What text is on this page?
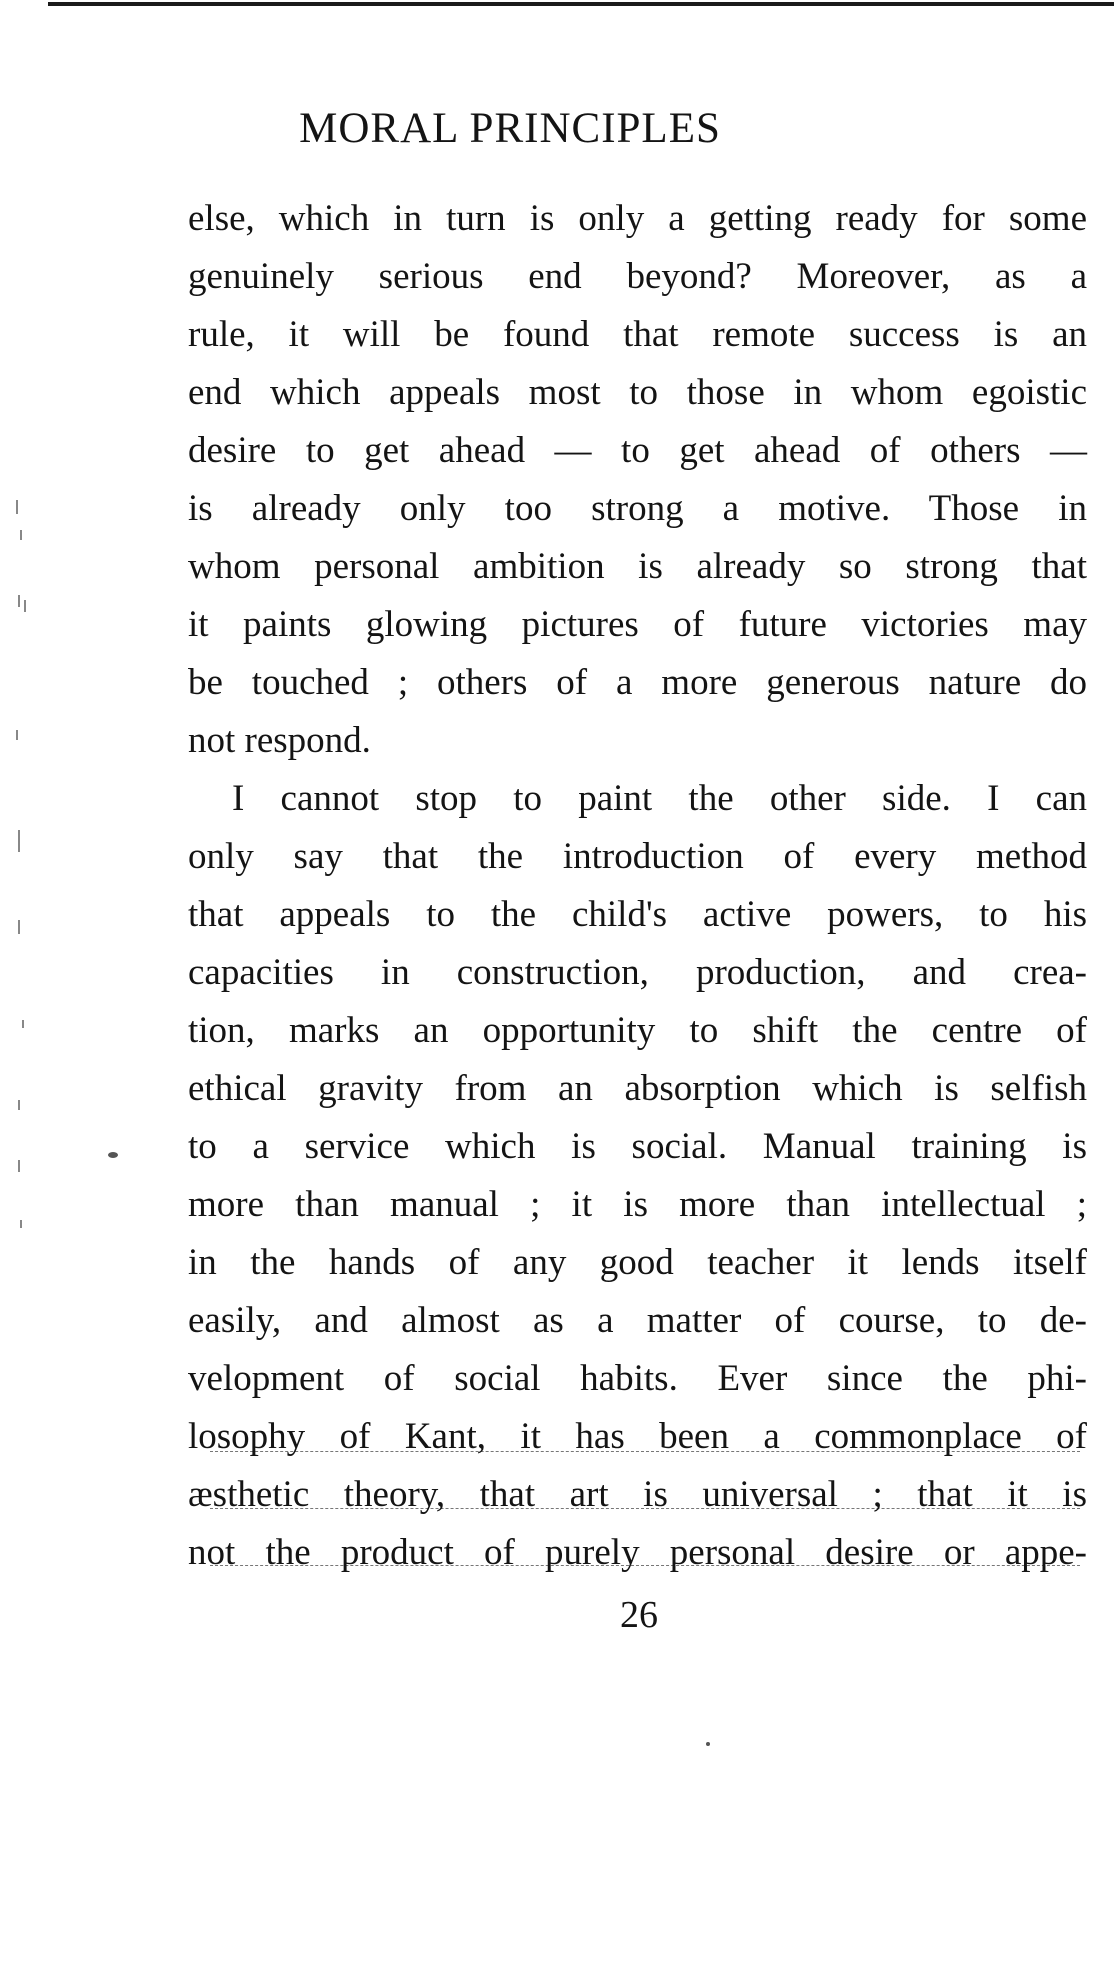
MORAL PRINCIPLES
else, which in turn is only a getting ready for some
genuinely serious end beyond? Moreover, as a
rule, it will be found that remote success is an
end which appeals most to those in whom egoistic
desire to get ahead — to get ahead of others —
is already only too strong a motive. Those in
whom personal ambition is already so strong that
it paints glowing pictures of future victories may
be touched ; others of a more generous nature do
not respond.
I cannot stop to paint the other side. I can
only say that the introduction of every method
that appeals to the child's active powers, to his
capacities in construction, production, and crea-
tion, marks an opportunity to shift the centre of
ethical gravity from an absorption which is selfish
to a service which is social. Manual training is
more than manual ; it is more than intellectual ;
in the hands of any good teacher it lends itself
easily, and almost as a matter of course, to de-
velopment of social habits. Ever since the phi-
losophy of Kant, it has been a commonplace of
æsthetic theory, that art is universal ; that it is
not the product of purely personal desire or appe-
26
